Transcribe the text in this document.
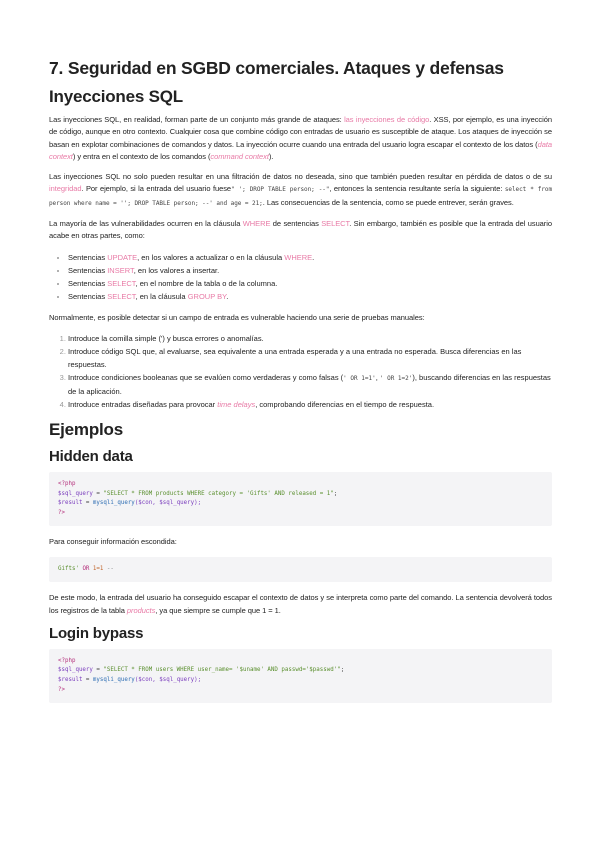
7. Seguridad en SGBD comerciales. Ataques y defensas
Inyecciones SQL

Las inyecciones SQL, en realidad, forman parte de un conjunto más grande de ataques: las inyecciones de código. XSS, por ejemplo, es una inyección de código, aunque en otro contexto. Cualquier cosa que combine código con entradas de usuario es susceptible de ataque. Los ataques de inyección se basan en explotar combinaciones de comandos y datos. La inyección ocurre cuando una entrada del usuario logra escapar el contexto de los datos (data context) y entra en el contexto de los comandos (command context).

Las inyecciones SQL no solo pueden resultar en una filtración de datos no deseada, sino que también pueden resultar en pérdida de datos o de su integridad. Por ejemplo, si la entrada del usuario fuese" '; DROP TABLE person; --", entonces la sentencia resultante sería la siguiente: select * from person where name = ''; DROP TABLE person; --' and age = 21;. Las consecuencias de la sentencia, como se puede entrever, serán graves.

La mayoría de las vulnerabilidades ocurren en la cláusula WHERE de sentencias SELECT. Sin embargo, también es posible que la entrada del usuario acabe en otras partes, como:

• Sentencias UPDATE, en los valores a actualizar o en la cláusula WHERE.
• Sentencias INSERT, en los valores a insertar.
• Sentencias SELECT, en el nombre de la tabla o de la columna.
• Sentencias SELECT, en la cláusula GROUP BY.

Normalmente, es posible detectar si un campo de entrada es vulnerable haciendo una serie de pruebas manuales:

1. Introduce la comilla simple (') y busca errores o anomalías.
2. Introduce código SQL que, al evaluarse, sea equivalente a una entrada esperada y a una entrada no esperada. Busca diferencias en las respuestas.
3. Introduce condiciones booleanas que se evalúen como verdaderas y como falsas (' OR 1=1', ' OR 1=2'), buscando diferencias en las respuestas de la aplicación.
4. Introduce entradas diseñadas para provocar time delays, comprobando diferencias en el tiempo de respuesta.
Ejemplos
Hidden data
<?php
$sql_query = "SELECT * FROM products WHERE category = 'Gifts' AND released = 1";
$result = mysqli_query($con, $sql_query);
?>

Para conseguir información escondida:

Gifts' OR 1=1 --

De este modo, la entrada del usuario ha conseguido escapar el contexto de datos y se interpreta como parte del comando. La sentencia devolverá todos los registros de la tabla products, ya que siempre se cumple que 1 = 1.

Login bypass
<?php
$sql_query = "SELECT * FROM users WHERE user_name= '$uname' AND passwd='$passwd'";
$result = mysqli_query($con, $sql_query);
?>
